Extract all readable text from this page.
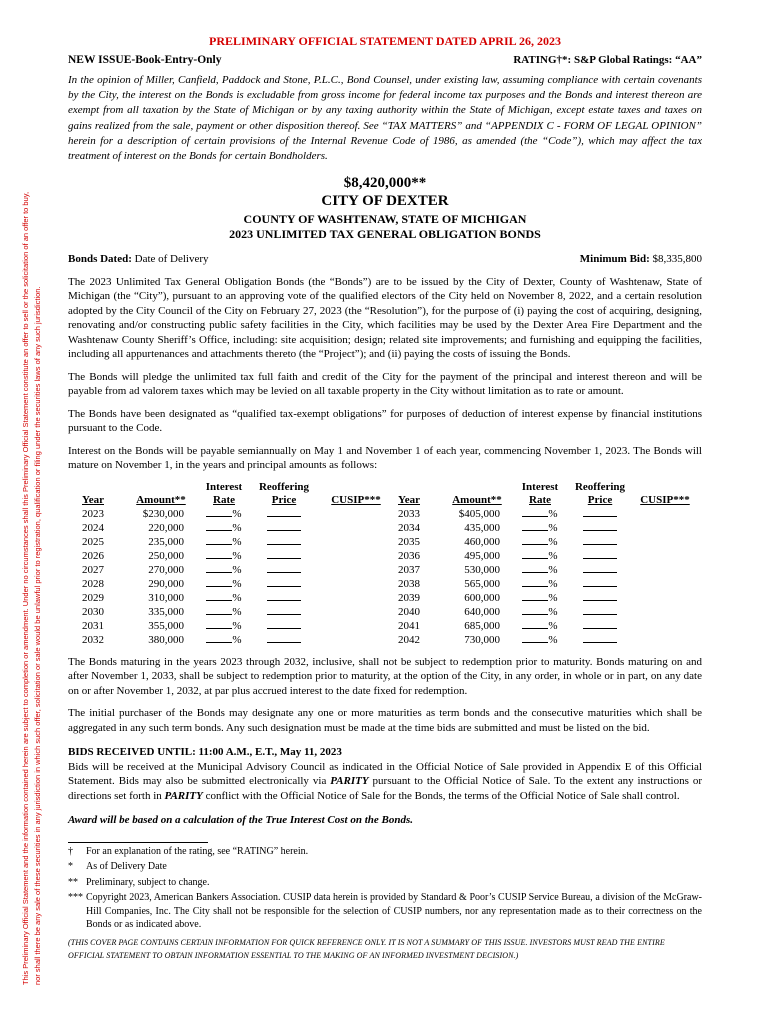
This Preliminary Official Statement and the information contained herein are subject to completion or amendment. Under no circumstances shall this Preliminary Official Statement constitute an offer to sell or the solicitation of an offer to buy, nor shall there be any sale of these securities in any jurisdiction in which such offer, solicitation or sale would be unlawful prior to registration, qualification or filing under the securities laws of any such jurisdiction.
PRELIMINARY OFFICIAL STATEMENT DATED APRIL 26, 2023
NEW ISSUE-Book-Entry-Only	RATING†*: S&P Global Ratings: “AA”
In the opinion of Miller, Canfield, Paddock and Stone, P.L.C., Bond Counsel, under existing law, assuming compliance with certain covenants by the City, the interest on the Bonds is excludable from gross income for federal income tax purposes and the Bonds and interest thereon are exempt from all taxation by the State of Michigan or by any taxing authority within the State of Michigan, except estate taxes and taxes on gains realized from the sale, payment or other disposition thereof. See “TAX MATTERS” and “APPENDIX C - FORM OF LEGAL OPINION” herein for a description of certain provisions of the Internal Revenue Code of 1986, as amended (the “Code”), which may affect the tax treatment of interest on the Bonds for certain Bondholders.
$8,420,000**
CITY OF DEXTER
COUNTY OF WASHTENAW, STATE OF MICHIGAN
2023 UNLIMITED TAX GENERAL OBLIGATION BONDS
Bonds Dated: Date of Delivery	Minimum Bid: $8,335,800

The 2023 Unlimited Tax General Obligation Bonds (the “Bonds”) are to be issued by the City of Dexter, County of Washtenaw, State of Michigan (the “City”), pursuant to an approving vote of the qualified electors of the City held on November 8, 2022, and a certain resolution adopted by the City Council of the City on February 27, 2023 (the “Resolution”), for the purpose of (i) paying the cost of acquiring, designing, renovating and/or constructing public safety facilities in the City, which facilities may be used by the Dexter Area Fire Department and the Washtenaw County Sheriff’s Office, including: site acquisition; design; related site improvements; and furnishing and equipping the facilities, including all appurtenances and attachments thereto (the “Project”); and (ii) paying the costs of issuing the Bonds.

The Bonds will pledge the unlimited tax full faith and credit of the City for the payment of the principal and interest thereon and will be payable from ad valorem taxes which may be levied on all taxable property in the City without limitation as to rate or amount.

The Bonds have been designated as “qualified tax-exempt obligations” for purposes of deduction of interest expense by financial institutions pursuant to the Code.

Interest on the Bonds will be payable semiannually on May 1 and November 1 of each year, commencing November 1, 2023. The Bonds will mature on November 1, in the years and principal amounts as follows:

			Interest	Reoffering				Interest	Reoffering	
	Year	Amount**	Rate	Price	CUSIP***	Year	Amount**	Rate	Price	CUSIP***
	2023	$230,000	%			2033	$405,000	%		
	2024	220,000	%			2034	435,000	%		
	2025	235,000	%			2035	460,000	%		
	2026	250,000	%			2036	495,000	%		
	2027	270,000	%			2037	530,000	%		
	2028	290,000	%			2038	565,000	%		
	2029	310,000	%			2039	600,000	%		
	2030	335,000	%			2040	640,000	%		
	2031	355,000	%			2041	685,000	%		
	2032	380,000	%			2042	730,000	%		

The Bonds maturing in the years 2023 through 2032, inclusive, shall not be subject to redemption prior to maturity. Bonds maturing on and after November 1, 2033, shall be subject to redemption prior to maturity, at the option of the City, in any order, in whole or in part, on any date on or after November 1, 2032, at par plus accrued interest to the date fixed for redemption.

The initial purchaser of the Bonds may designate any one or more maturities as term bonds and the consecutive maturities which shall be aggregated in any such term bonds. Any such designation must be made at the time bids are submitted and must be listed on the bid.

BIDS RECEIVED UNTIL: 11:00 A.M., E.T., May 11, 2023
Bids will be received at the Municipal Advisory Council as indicated in the Official Notice of Sale provided in Appendix E of this Official Statement. Bids may also be submitted electronically via PARITY pursuant to the Official Notice of Sale. To the extent any instructions or directions set forth in PARITY conflict with the Official Notice of Sale for the Bonds, the terms of the Official Notice of Sale shall control.
Award will be based on a calculation of the True Interest Cost on the Bonds.
†	For an explanation of the rating, see “RATING” herein.
*	As of Delivery Date
** Preliminary, subject to change.
*** Copyright 2023, American Bankers Association. CUSIP data herein is provided by Standard & Poor’s CUSIP Service Bureau, a division of the McGraw-Hill Companies, Inc. The City shall not be responsible for the selection of CUSIP numbers, nor any representation made as to their correctness on the Bonds or as indicated above.
(THIS COVER PAGE CONTAINS CERTAIN INFORMATION FOR QUICK REFERENCE ONLY. IT IS NOT A SUMMARY OF THIS ISSUE. INVESTORS MUST READ THE ENTIRE OFFICIAL STATEMENT TO OBTAIN INFORMATION ESSENTIAL TO THE MAKING OF AN INFORMED INVESTMENT DECISION.)
